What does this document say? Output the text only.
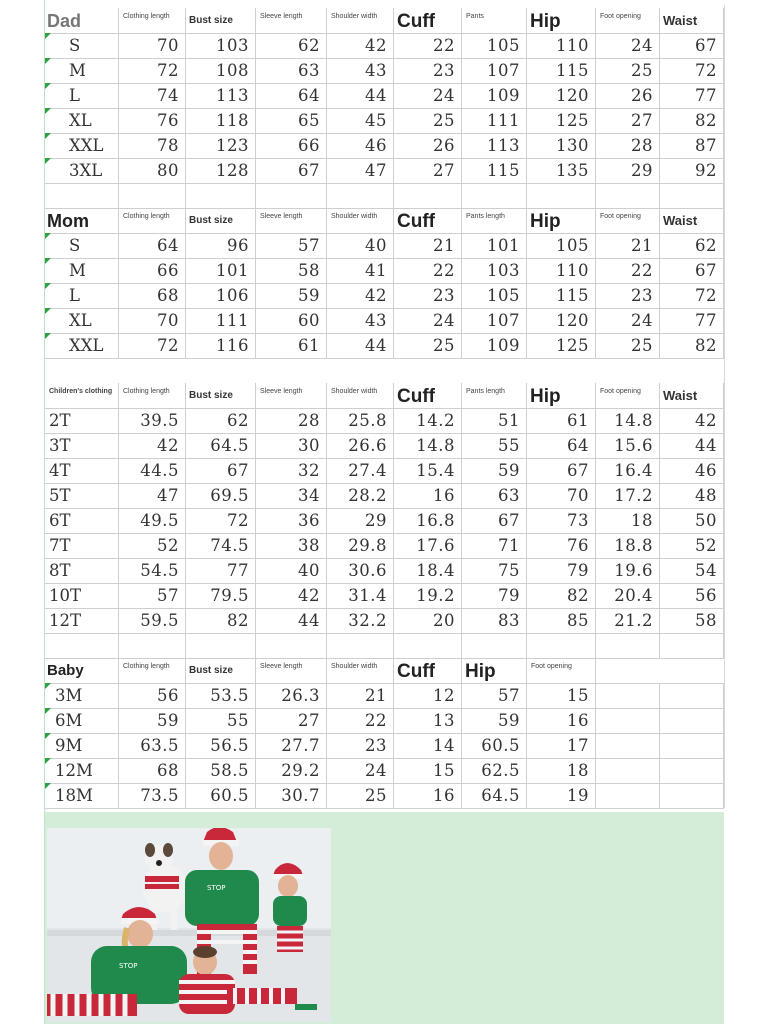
STOP
STOP
Dad	Clothing length	Bust size	Sleeve length	Shoulder width	Cuff	Pants	Hip	Foot opening	Waist
S	70	103	62	42	22	105	110	24	67
M	72	108	63	43	23	107	115	25	72
L	74	113	64	44	24	109	120	26	77
XL	76	118	65	45	25	111	125	27	82
XXL	78	123	66	46	26	113	130	28	87
3XL	80	128	67	47	27	115	135	29	92
Mom	Clothing length	Bust size	Sleeve length	Shoulder width	Cuff	Pants length	Hip	Foot opening	Waist
S	64	96	57	40	21	101	105	21	62
M	66	101	58	41	22	103	110	22	67
L	68	106	59	42	23	105	115	23	72
XL	70	111	60	43	24	107	120	24	77
XXL	72	116	61	44	25	109	125	25	82
Children's clothing	Clothing length	Bust size	Sleeve length	Shoulder width	Cuff	Pants length	Hip	Foot opening	Waist
2T	39.5	62	28	25.8	14.2	51	61	14.8	42
3T	42	64.5	30	26.6	14.8	55	64	15.6	44
4T	44.5	67	32	27.4	15.4	59	67	16.4	46
5T	47	69.5	34	28.2	16	63	70	17.2	48
6T	49.5	72	36	29	16.8	67	73	18	50
7T	52	74.5	38	29.8	17.6	71	76	18.8	52
8T	54.5	77	40	30.6	18.4	75	79	19.6	54
10T	57	79.5	42	31.4	19.2	79	82	20.4	56
12T	59.5	82	44	32.2	20	83	85	21.2	58
Baby	Clothing length	Bust size	Sleeve length	Shoulder width	Cuff	Hip	Foot opening
3M	56	53.5	26.3	21	12	57	15
6M	59	55	27	22	13	59	16
9M	63.5	56.5	27.7	23	14	60.5	17
12M	68	58.5	29.2	24	15	62.5	18
18M	73.5	60.5	30.7	25	16	64.5	19
